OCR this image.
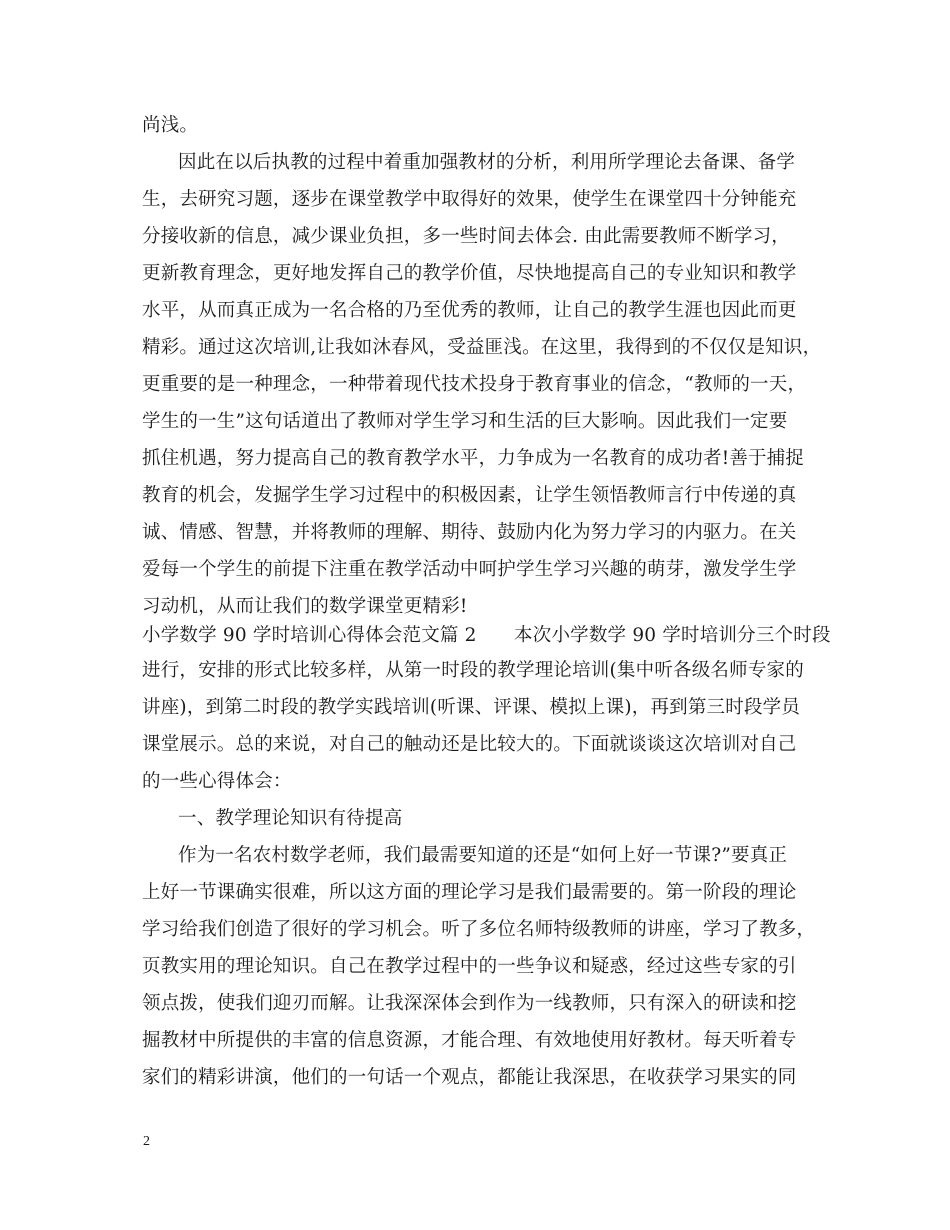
尚浅。
因此在以后执教的过程中着重加强教材的分析，利用所学理论去备课、备学
生，去研究习题，逐步在课堂教学中取得好的效果，使学生在课堂四十分钟能充
分接收新的信息，减少课业负担，多一些时间去体会. 由此需要教师不断学习，
更新教育理念，更好地发挥自己的教学价值，尽快地提高自己的专业知识和教学
水平，从而真正成为一名合格的乃至优秀的教师，让自己的教学生涯也因此而更
精彩。通过这次培训,让我如沐春风，受益匪浅。在这里，我得到的不仅仅是知识，
更重要的是一种理念，一种带着现代技术投身于教育事业的信念，“教师的一天，
学生的一生”这句话道出了教师对学生学习和生活的巨大影响。因此我们一定要
抓住机遇，努力提高自己的教育教学水平，力争成为一名教育的成功者!善于捕捉
教育的机会，发掘学生学习过程中的积极因素，让学生领悟教师言行中传递的真
诚、情感、智慧，并将教师的理解、期待、鼓励内化为努力学习的内驱力。在关
爱每一个学生的前提下注重在教学活动中呵护学生学习兴趣的萌芽，激发学生学
习动机，从而让我们的数学课堂更精彩!
小学数学 90 学时培训心得体会范文篇 2　　本次小学数学 90 学时培训分三个时段
进行，安排的形式比较多样，从第一时段的教学理论培训(集中听各级名师专家的
讲座)，到第二时段的教学实践培训(听课、评课、模拟上课)，再到第三时段学员
课堂展示。总的来说，对自己的触动还是比较大的。下面就谈谈这次培训对自己
的一些心得体会：
一、教学理论知识有待提高
作为一名农村数学老师，我们最需要知道的还是“如何上好一节课?”要真正
上好一节课确实很难，所以这方面的理论学习是我们最需要的。第一阶段的理论
学习给我们创造了很好的学习机会。听了多位名师特级教师的讲座，学习了教多，
页教实用的理论知识。自己在教学过程中的一些争议和疑惑，经过这些专家的引
领点拨，使我们迎刃而解。让我深深体会到作为一线教师，只有深入的研读和挖
掘教材中所提供的丰富的信息资源，才能合理、有效地使用好教材。每天听着专
家们的精彩讲演，他们的一句话一个观点，都能让我深思，在收获学习果实的同
2
